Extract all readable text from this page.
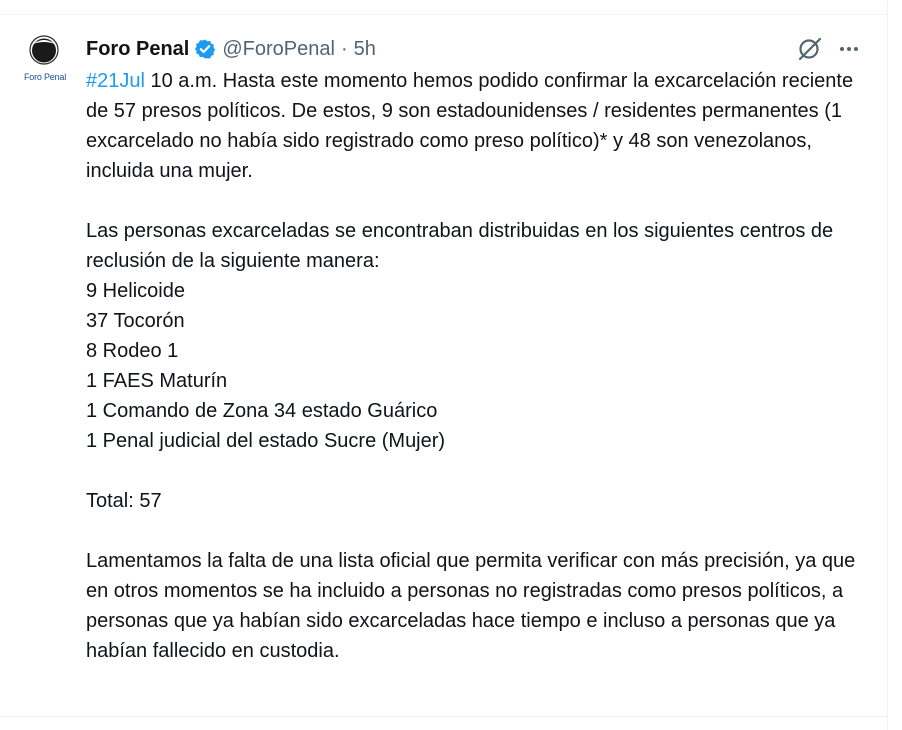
Foro Penal
Foro Penal @ForoPenal · 5h

#21Jul 10 a.m. Hasta este momento hemos podido confirmar la excarcelación reciente de 57 presos políticos. De estos, 9 son estadounidenses / residentes permanentes (1 excarcelado no había sido registrado como preso político)* y 48 son venezolanos, incluida una mujer.

Las personas excarceladas se encontraban distribuidas en los siguientes centros de reclusión de la siguiente manera:

9 Helicoide

37 Tocorón

8 Rodeo 1

1 FAES Maturín

1 Comando de Zona 34 estado Guárico

1 Penal judicial del estado Sucre (Mujer)

Total: 57

Lamentamos la falta de una lista oficial que permita verificar con más precisión, ya que en otros momentos se ha incluido a personas no registradas como presos políticos, a personas que ya habían sido excarceladas hace tiempo e incluso a personas que ya habían fallecido en custodia.
